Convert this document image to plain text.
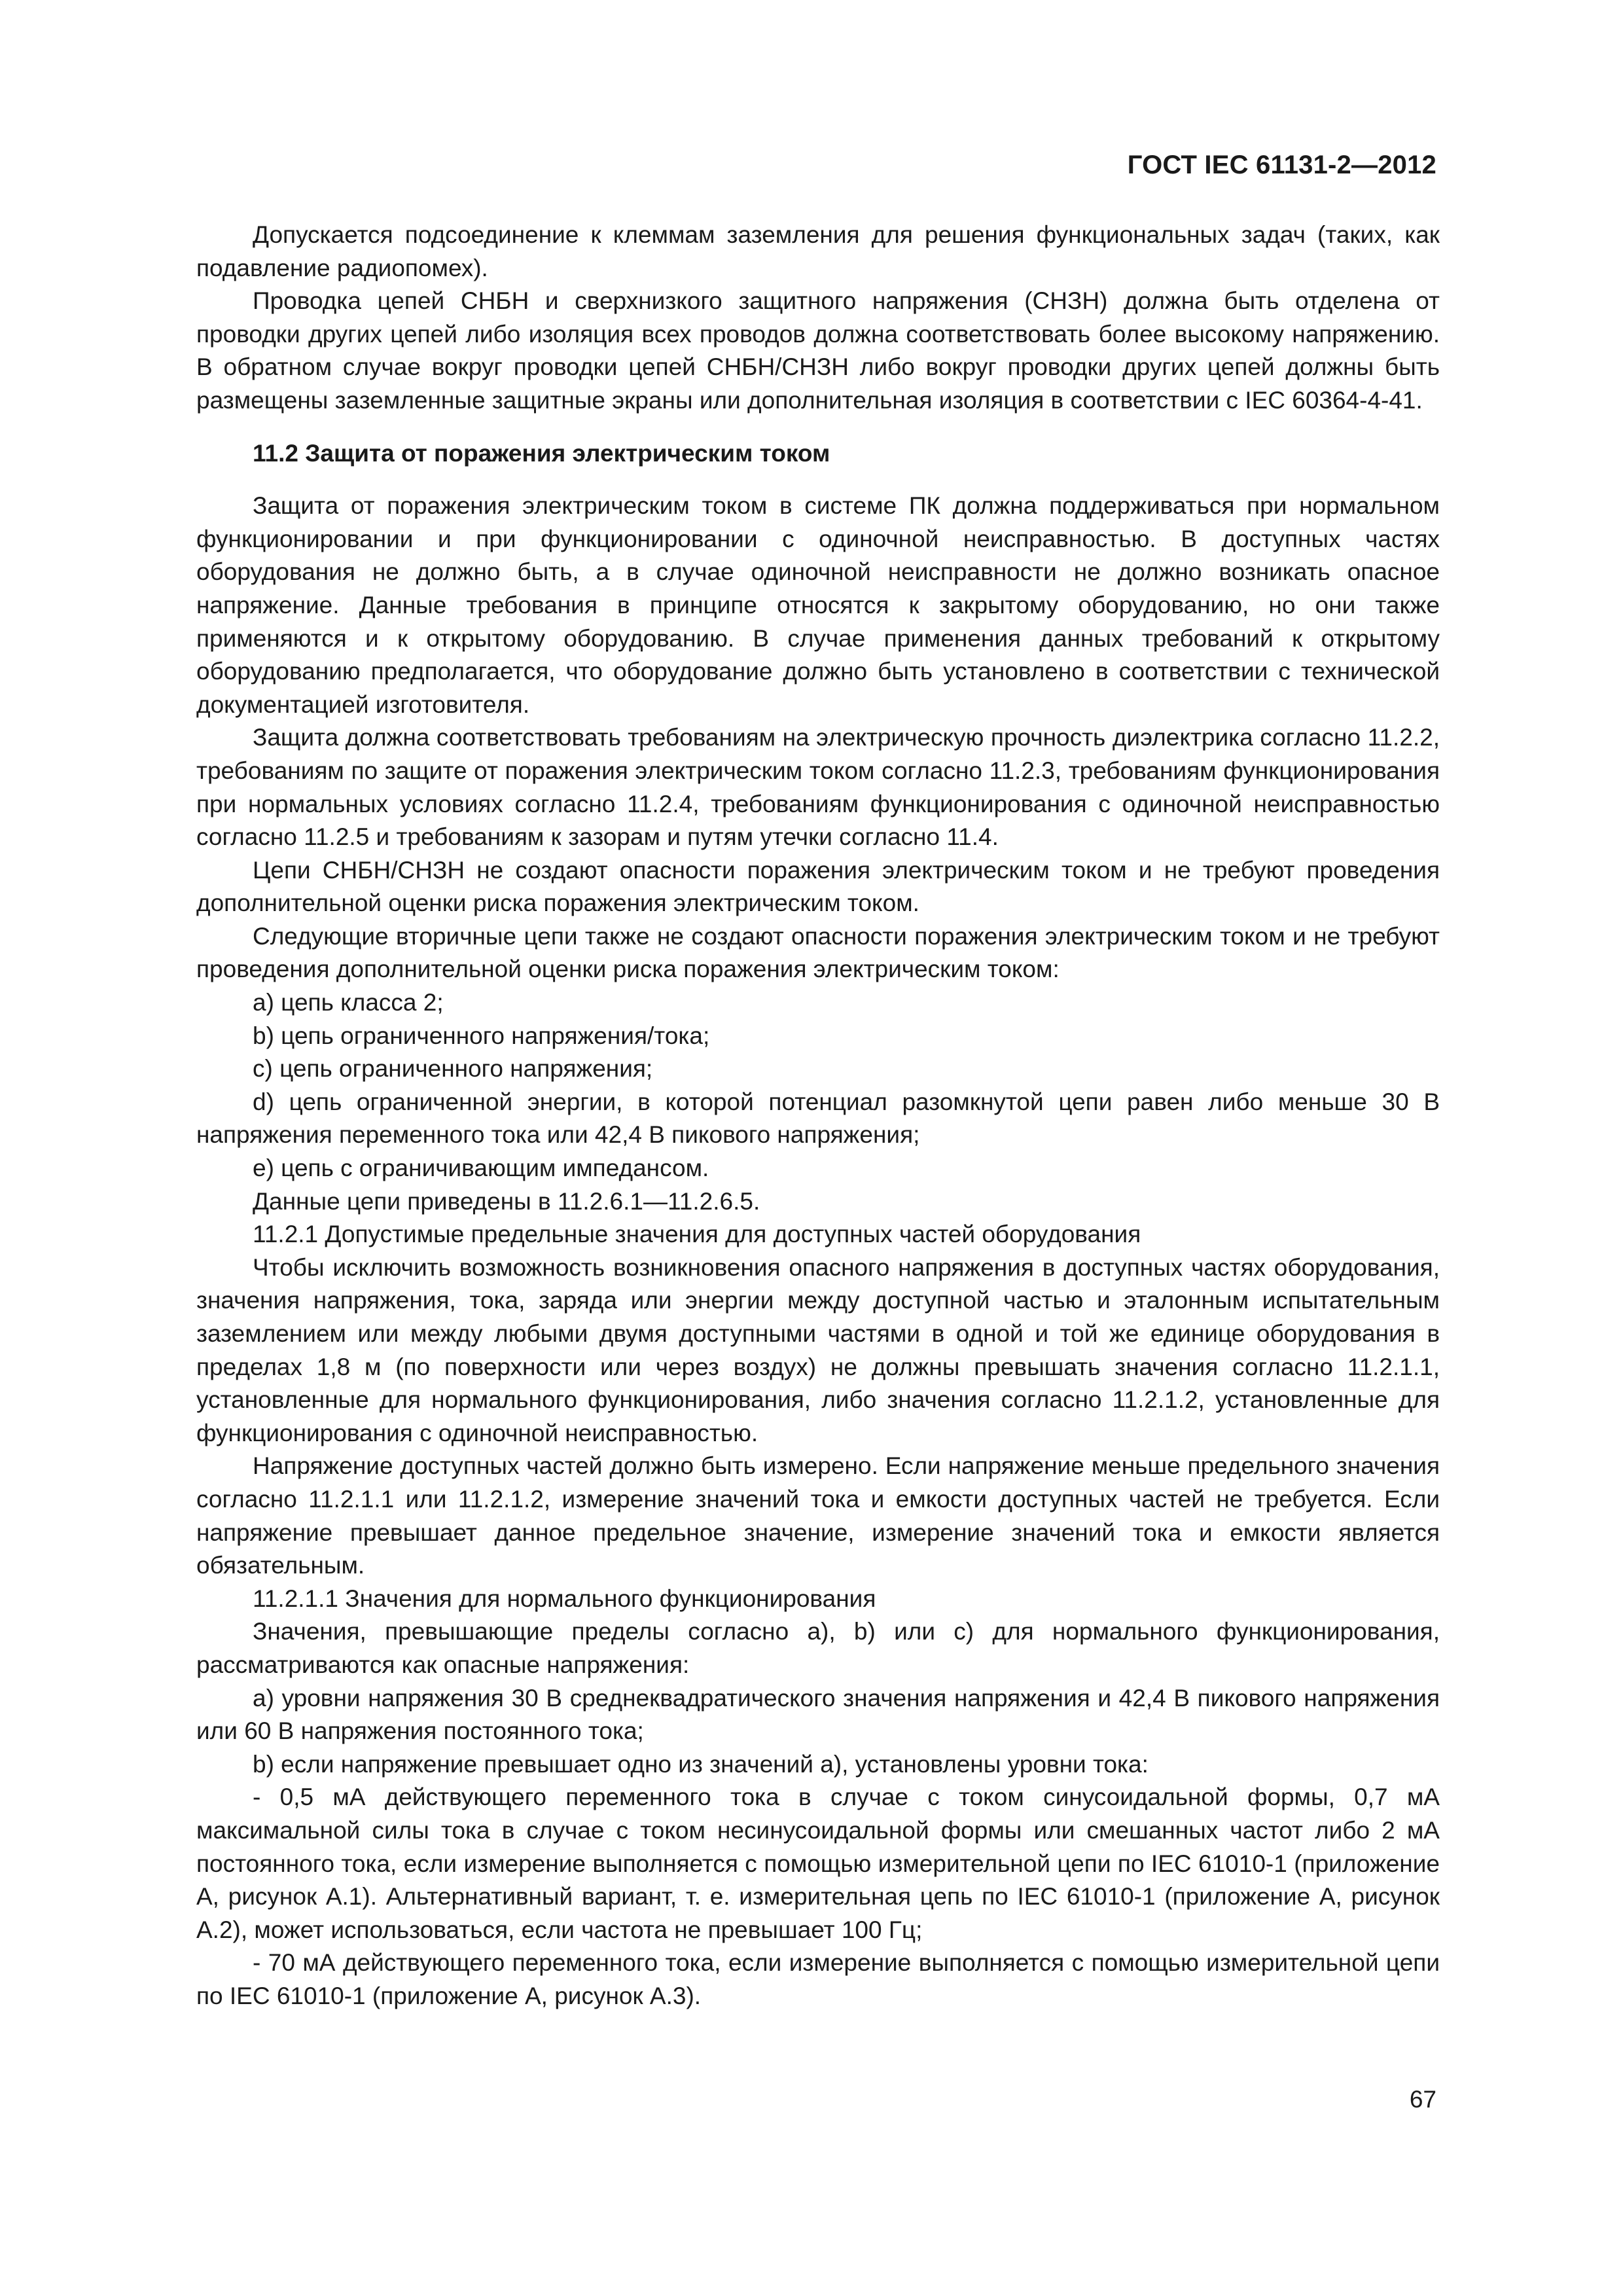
ГОСТ IEC 61131-2—2012

Допускается подсоединение к клеммам заземления для решения функциональных задач (таких, как подавление радиопомех).

Проводка цепей СНБН и сверхнизкого защитного напряжения (СНЗН) должна быть отделена от проводки других цепей либо изоляция всех проводов должна соответствовать более высокому напряжению. В обратном случае вокруг проводки цепей СНБН/СНЗН либо вокруг проводки других цепей должны быть размещены заземленные защитные экраны или дополнительная изоляция в соответствии с IEC 60364-4-41.

11.2 Защита от поражения электрическим током

Защита от поражения электрическим током в системе ПК должна поддерживаться при нормальном функционировании и при функционировании с одиночной неисправностью. В доступных частях оборудования не должно быть, а в случае одиночной неисправности не должно возникать опасное напряжение. Данные требования в принципе относятся к закрытому оборудованию, но они также применяются и к открытому оборудованию. В случае применения данных требований к открытому оборудованию предполагается, что оборудование должно быть установлено в соответствии с технической документацией изготовителя.

Защита должна соответствовать требованиям на электрическую прочность диэлектрика согласно 11.2.2, требованиям по защите от поражения электрическим током согласно 11.2.3, требованиям функционирования при нормальных условиях согласно 11.2.4, требованиям функционирования с одиночной неисправностью согласно 11.2.5 и требованиям к зазорам и путям утечки согласно 11.4.

Цепи СНБН/СНЗН не создают опасности поражения электрическим током и не требуют проведения дополнительной оценки риска поражения электрическим током.

Следующие вторичные цепи также не создают опасности поражения электрическим током и не требуют проведения дополнительной оценки риска поражения электрическим током:

а) цепь класса 2;

b) цепь ограниченного напряжения/тока;

с) цепь ограниченного напряжения;

d) цепь ограниченной энергии, в которой потенциал разомкнутой цепи равен либо меньше 30 В напряжения переменного тока или 42,4 В пикового напряжения;

е) цепь с ограничивающим импедансом.

Данные цепи приведены в 11.2.6.1—11.2.6.5.

11.2.1 Допустимые предельные значения для доступных частей оборудования

Чтобы исключить возможность возникновения опасного напряжения в доступных частях оборудования, значения напряжения, тока, заряда или энергии между доступной частью и эталонным испытательным заземлением или между любыми двумя доступными частями в одной и той же единице оборудования в пределах 1,8 м (по поверхности или через воздух) не должны превышать значения согласно 11.2.1.1, установленные для нормального функционирования, либо значения согласно 11.2.1.2, установленные для функционирования с одиночной неисправностью.

Напряжение доступных частей должно быть измерено. Если напряжение меньше предельного значения согласно 11.2.1.1 или 11.2.1.2, измерение значений тока и емкости доступных частей не требуется. Если напряжение превышает данное предельное значение, измерение значений тока и емкости является обязательным.

11.2.1.1 Значения для нормального функционирования

Значения, превышающие пределы согласно а), b) или с) для нормального функционирования, рассматриваются как опасные напряжения:

а) уровни напряжения 30 В среднеквадратического значения напряжения и 42,4 В пикового напряжения или 60 В напряжения постоянного тока;

b) если напряжение превышает одно из значений а), установлены уровни тока:

- 0,5 мА действующего переменного тока в случае с током синусоидальной формы, 0,7 мА максимальной силы тока в случае с током несинусоидальной формы или смешанных частот либо 2 мА постоянного тока, если измерение выполняется с помощью измерительной цепи по IEC 61010-1 (приложение А, рисунок А.1). Альтернативный вариант, т. е. измерительная цепь по IEC 61010-1 (приложение А, рисунок А.2), может использоваться, если частота не превышает 100 Гц;

- 70 мА действующего переменного тока, если измерение выполняется с помощью измерительной цепи по IEC 61010-1 (приложение А, рисунок А.3).

67
